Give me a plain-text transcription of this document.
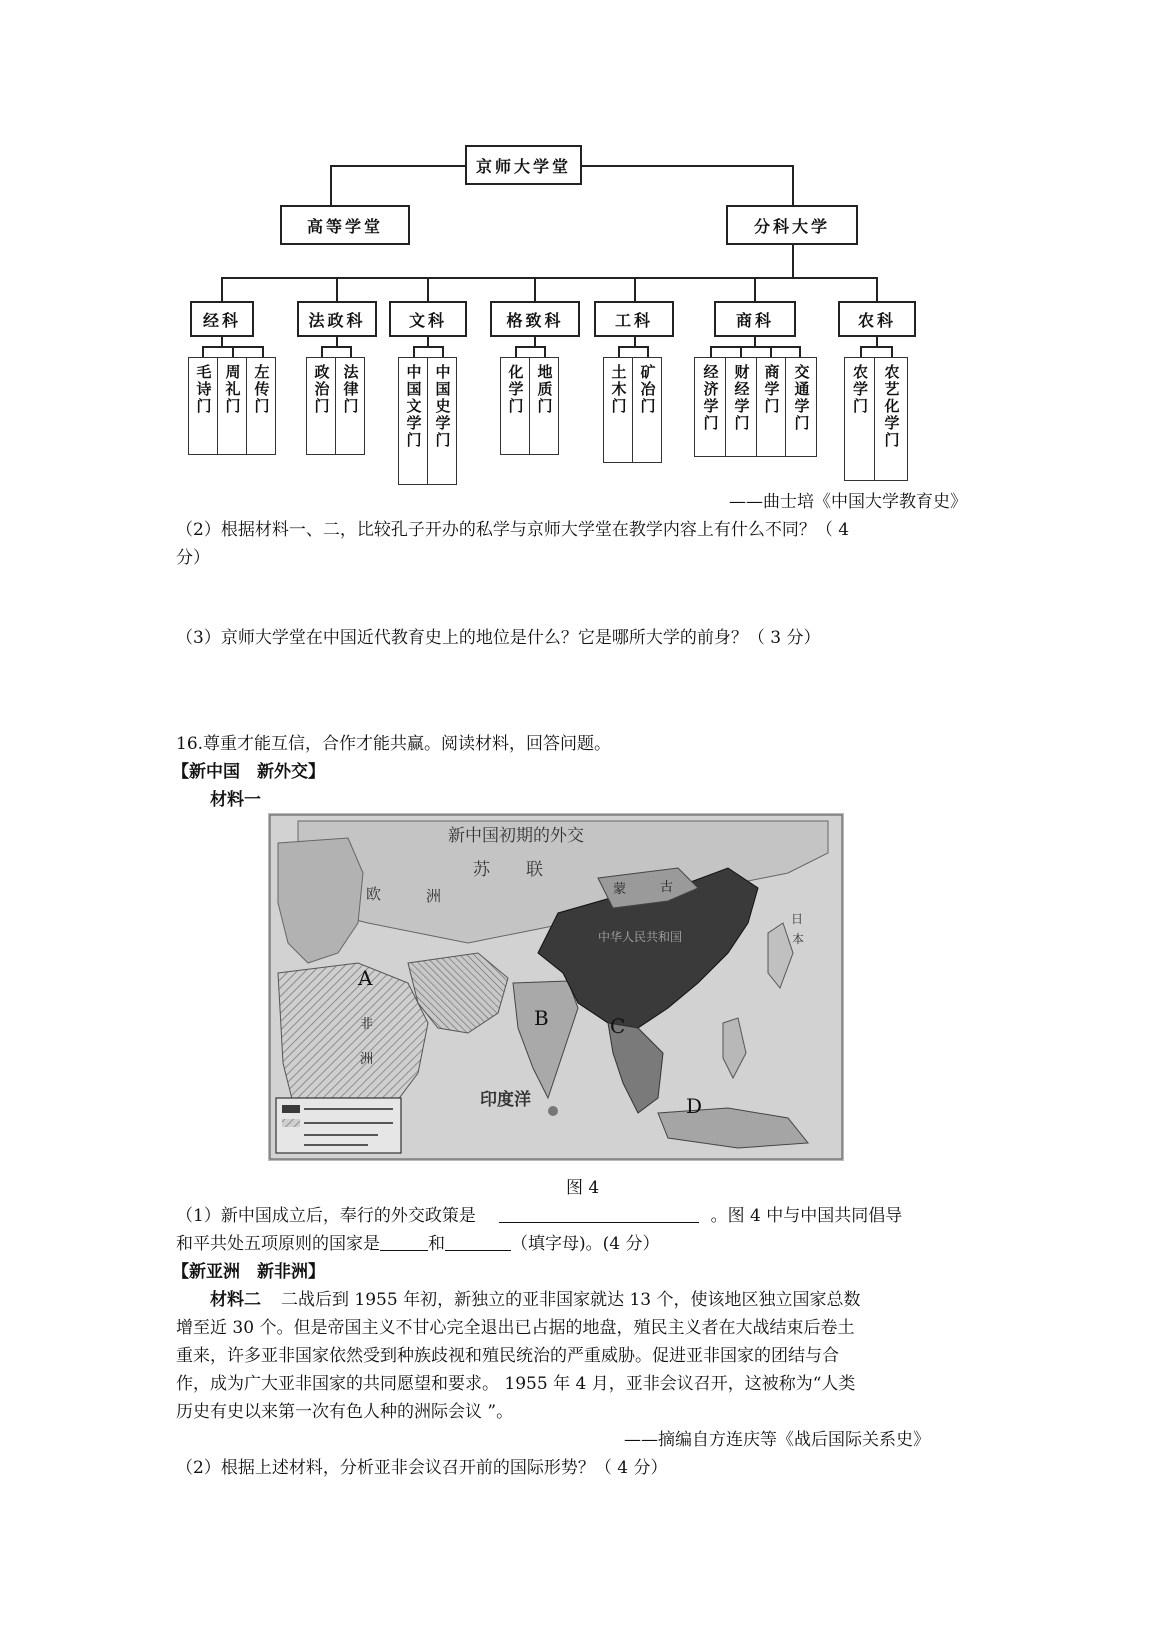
京师大学堂
高等学堂	分科大学
经科	法政科	文科	格致科	工科	商科	农科
毛诗门 周礼门 左传门	政治门 法律门	中国文学门 中国史学门	化学门 地质门	土木门 矿冶门	经济学门 财经学门 商学门 交通学门	农学门 农艺化学门
——曲士培《中国大学教育史》
（2）根据材料一、二，比较孔子开办的私学与京师大学堂在教学内容上有什么不同？（ 4
分）
（3）京师大学堂在中国近代教育史上的地位是什么？它是哪所大学的前身？（ 3 分）
16.尊重才能互信，合作才能共赢。阅读材料，回答问题。
【新中国　新外交】
材料一
新中国初期的外交
苏 联
欧	洲	蒙	古
中华人民共和国
日
本
非
洲
印度洋
A
B	C
D
图 4
（1）新中国成立后，奉行的外交政策是	。图 4 中与中国共同倡导
和平共处五项原则的国家是	和	（填字母)。(4 分）
【新亚洲　新非洲】
材料二 二战后到 1955 年初，新独立的亚非国家就达 13 个，使该地区独立国家总数
增至近 30 个。但是帝国主义不甘心完全退出已占据的地盘，殖民主义者在大战结束后卷土
重来，许多亚非国家依然受到种族歧视和殖民统治的严重威胁。促进亚非国家的团结与合
作，成为广大亚非国家的共同愿望和要求。 1955 年 4 月，亚非会议召开，这被称为“人类
历史有史以来第一次有色人种的洲际会议 ”。
——摘编自方连庆等《战后国际关系史》
（2）根据上述材料，分析亚非会议召开前的国际形势？（ 4 分）
